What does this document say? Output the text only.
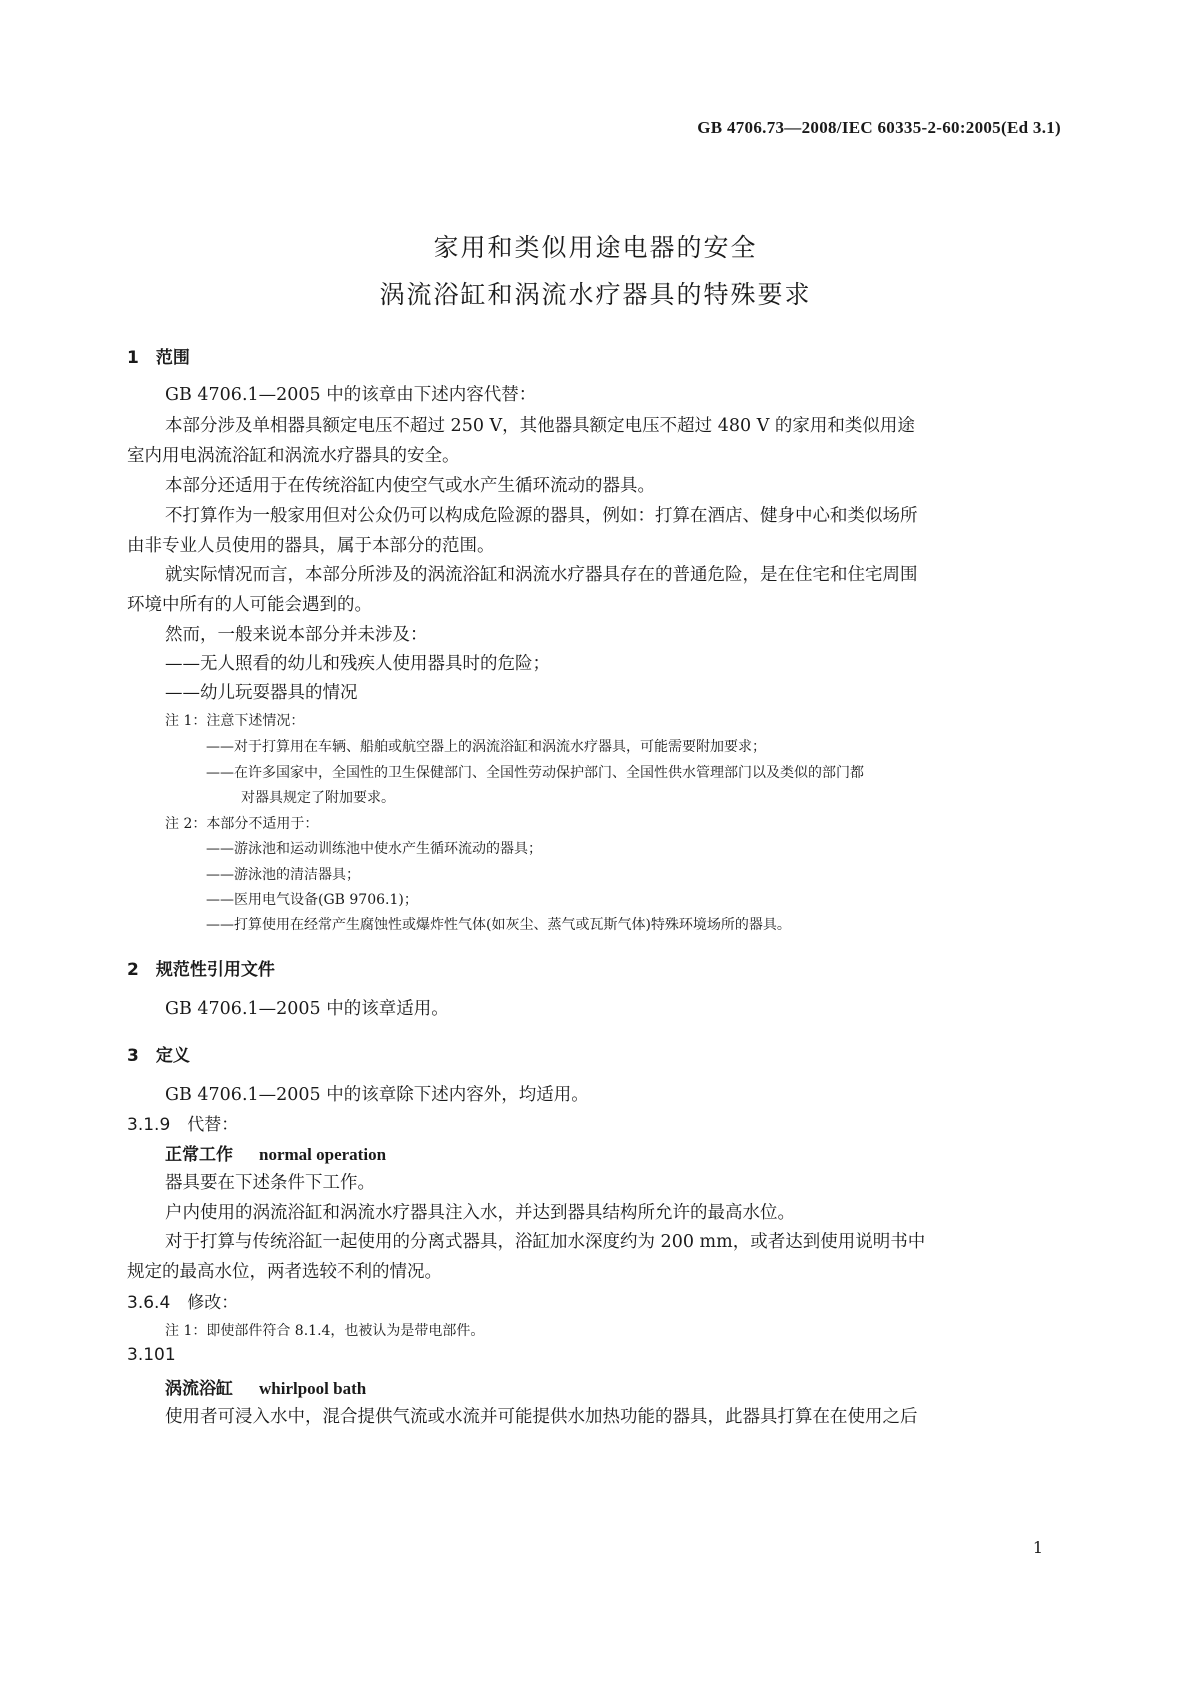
GB 4706.73—2008/IEC 60335-2-60:2005(Ed 3.1)
家用和类似用途电器的安全
涡流浴缸和涡流水疗器具的特殊要求
1　范围
GB 4706.1—2005 中的该章由下述内容代替：
本部分涉及单相器具额定电压不超过 250 V，其他器具额定电压不超过 480 V 的家用和类似用途
室内用电涡流浴缸和涡流水疗器具的安全。
本部分还适用于在传统浴缸内使空气或水产生循环流动的器具。
不打算作为一般家用但对公众仍可以构成危险源的器具，例如：打算在酒店、健身中心和类似场所
由非专业人员使用的器具，属于本部分的范围。
就实际情况而言，本部分所涉及的涡流浴缸和涡流水疗器具存在的普通危险，是在住宅和住宅周围
环境中所有的人可能会遇到的。
然而，一般来说本部分并未涉及：
——无人照看的幼儿和残疾人使用器具时的危险；
——幼儿玩耍器具的情况
注 1：注意下述情况：
——对于打算用在车辆、船舶或航空器上的涡流浴缸和涡流水疗器具，可能需要附加要求；
——在许多国家中，全国性的卫生保健部门、全国性劳动保护部门、全国性供水管理部门以及类似的部门都
对器具规定了附加要求。
注 2：本部分不适用于：
——游泳池和运动训练池中使水产生循环流动的器具；
——游泳池的清洁器具；
——医用电气设备(GB 9706.1)；
——打算使用在经常产生腐蚀性或爆炸性气体(如灰尘、蒸气或瓦斯气体)特殊环境场所的器具。
2　规范性引用文件
GB 4706.1—2005 中的该章适用。
3　定义
GB 4706.1—2005 中的该章除下述内容外，均适用。
3.1.9　代替：
正常工作 normal operation
器具要在下述条件下工作。
户内使用的涡流浴缸和涡流水疗器具注入水，并达到器具结构所允许的最高水位。
对于打算与传统浴缸一起使用的分离式器具，浴缸加水深度约为 200 mm，或者达到使用说明书中
规定的最高水位，两者选较不利的情况。
3.6.4　修改：
注 1：即使部件符合 8.1.4，也被认为是带电部件。
3.101
涡流浴缸 whirlpool bath
使用者可浸入水中，混合提供气流或水流并可能提供水加热功能的器具，此器具打算在在使用之后
1
